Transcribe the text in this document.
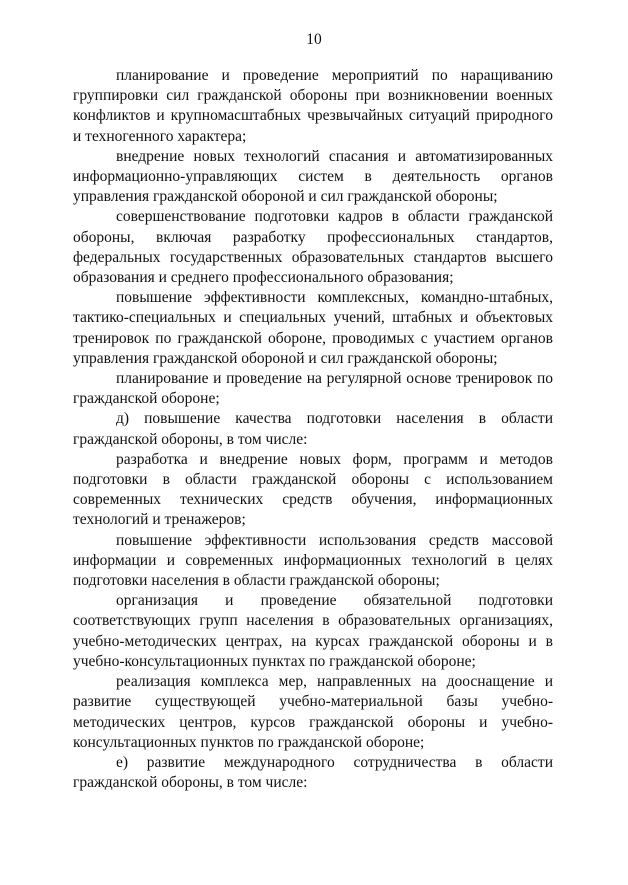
10

планирование и проведение мероприятий по наращиванию группировки сил гражданской обороны при возникновении военных конфликтов и крупномасштабных чрезвычайных ситуаций природного и техногенного характера;

внедрение новых технологий спасания и автоматизированных информационно-управляющих систем в деятельность органов управления гражданской обороной и сил гражданской обороны;

совершенствование подготовки кадров в области гражданской обороны, включая разработку профессиональных стандартов, федеральных государственных образовательных стандартов высшего образования и среднего профессионального образования;

повышение эффективности комплексных, командно-штабных, тактико-специальных и специальных учений, штабных и объектовых тренировок по гражданской обороне, проводимых с участием органов управления гражданской обороной и сил гражданской обороны;

планирование и проведение на регулярной основе тренировок по гражданской обороне;

д) повышение качества подготовки населения в области гражданской обороны, в том числе:

разработка и внедрение новых форм, программ и методов подготовки в области гражданской обороны с использованием современных технических средств обучения, информационных технологий и тренажеров;

повышение эффективности использования средств массовой информации и современных информационных технологий в целях подготовки населения в области гражданской обороны;

организация и проведение обязательной подготовки соответствующих групп населения в образовательных организациях, учебно-методических центрах, на курсах гражданской обороны и в учебно-консультационных пунктах по гражданской обороне;

реализация комплекса мер, направленных на дооснащение и развитие существующей учебно-материальной базы учебно-методических центров, курсов гражданской обороны и учебно-консультационных пунктов по гражданской обороне;

е) развитие международного сотрудничества в области гражданской обороны, в том числе:
